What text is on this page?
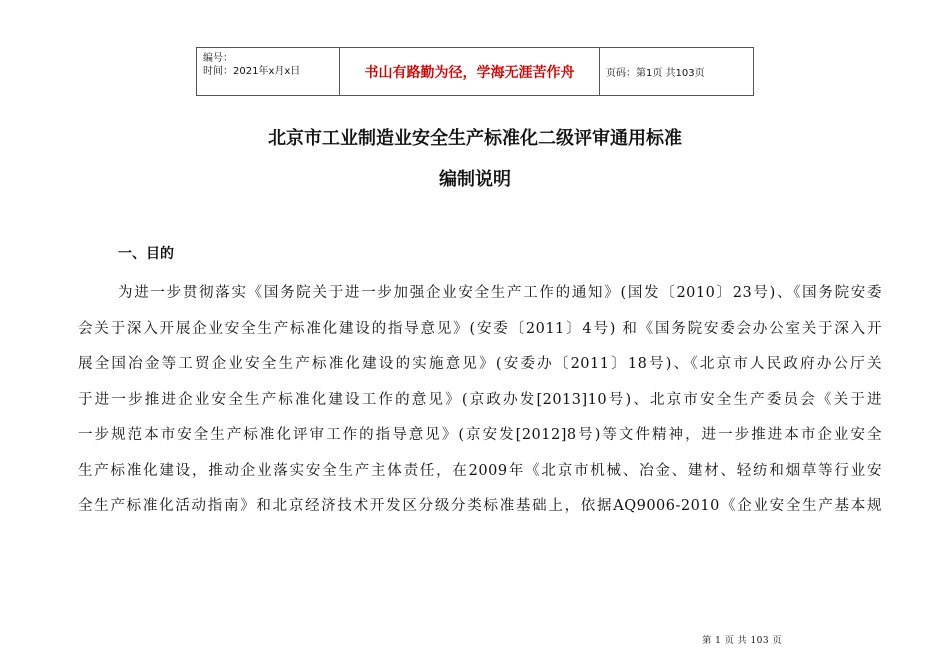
编号：
时间：2021年x月x日	书山有路勤为径，学海无涯苦作舟	页码：第1页 共103页
北京市工业制造业安全生产标准化二级评审通用标准
编制说明
一、目的
为进一步贯彻落实《国务院关于进一步加强企业安全生产工作的通知》(国发〔2010〕23号)、《国务院安委
会关于深入开展企业安全生产标准化建设的指导意见》(安委〔2011〕4号) 和《国务院安委会办公室关于深入开
展全国冶金等工贸企业安全生产标准化建设的实施意见》(安委办〔2011〕18号)、《北京市人民政府办公厅关
于进一步推进企业安全生产标准化建设工作的意见》(京政办发[2013]10号)、北京市安全生产委员会《关于进
一步规范本市安全生产标准化评审工作的指导意见》(京安发[2012]8号)等文件精神，进一步推进本市企业安全
生产标准化建设，推动企业落实安全生产主体责任，在2009年《北京市机械、冶金、建材、轻纺和烟草等行业安
全生产标准化活动指南》和北京经济技术开发区分级分类标准基础上，依据AQ9006-2010《企业安全生产基本规
第 1 页 共 103 页
